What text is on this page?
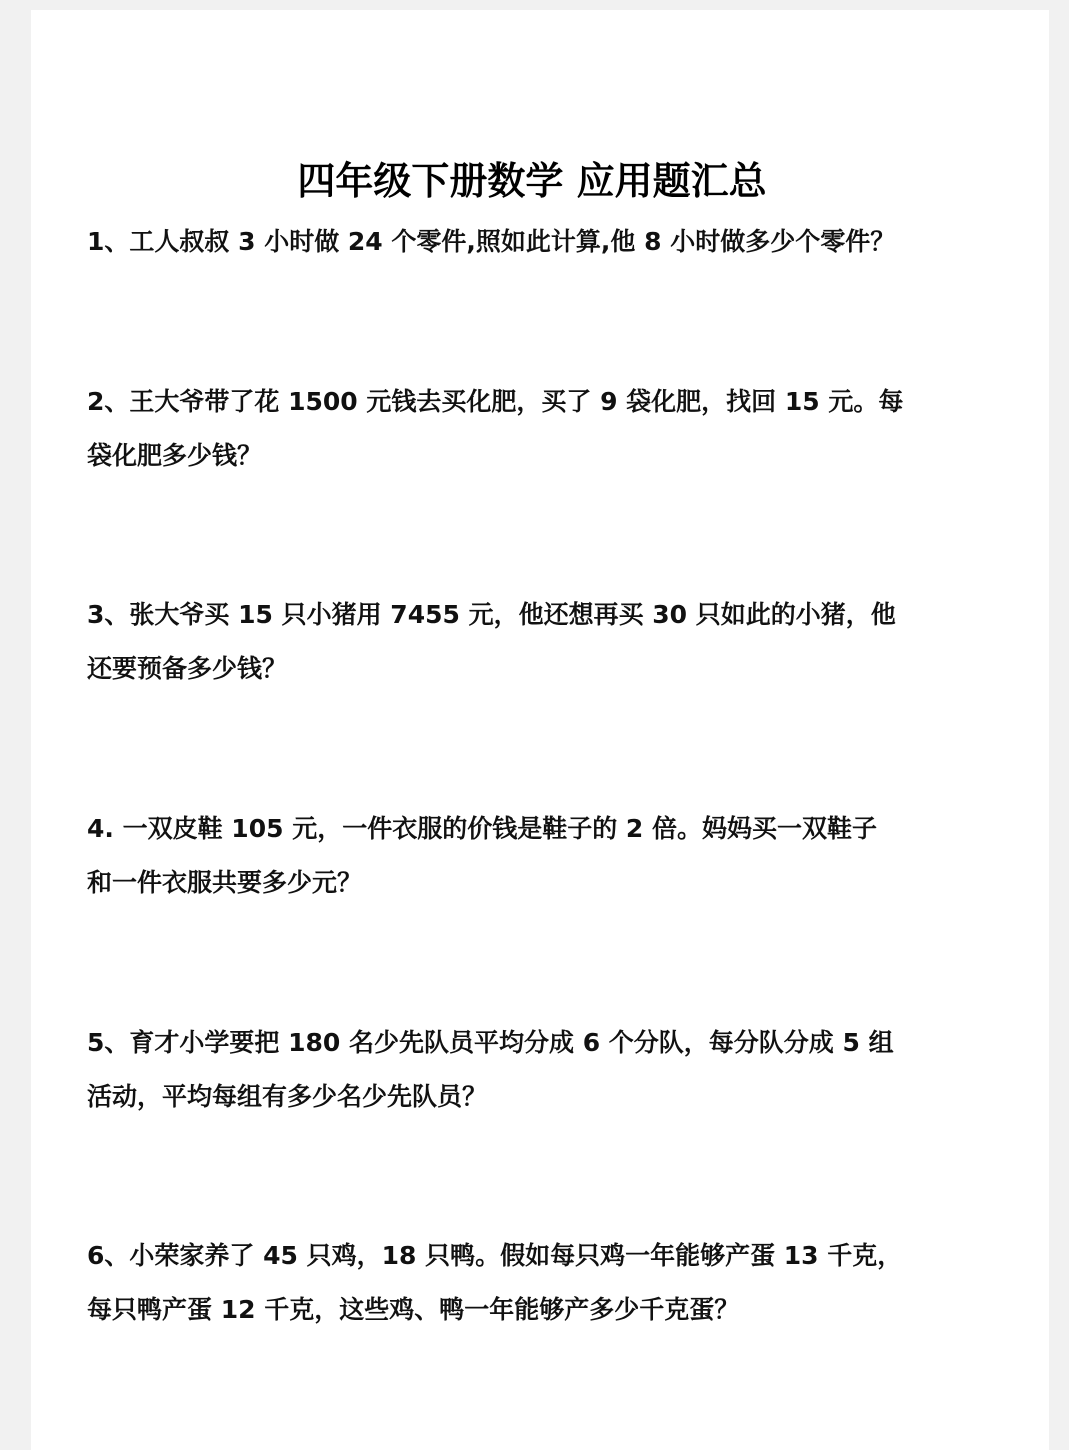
四年级下册数学 应用题汇总
1、工人叔叔 3 小时做 24 个零件,照如此计算,他 8 小时做多少个零件？
2、王大爷带了花 1500 元钱去买化肥，买了 9 袋化肥，找回 15 元。每
袋化肥多少钱？
3、张大爷买 15 只小猪用 7455 元，他还想再买 30 只如此的小猪，他
还要预备多少钱？
4. 一双皮鞋 105 元，一件衣服的价钱是鞋子的 2 倍。妈妈买一双鞋子
和一件衣服共要多少元？
5、育才小学要把 180 名少先队员平均分成 6 个分队，每分队分成 5 组
活动，平均每组有多少名少先队员？
6、小荣家养了 45 只鸡，18 只鸭。假如每只鸡一年能够产蛋 13 千克，
每只鸭产蛋 12 千克，这些鸡、鸭一年能够产多少千克蛋？
